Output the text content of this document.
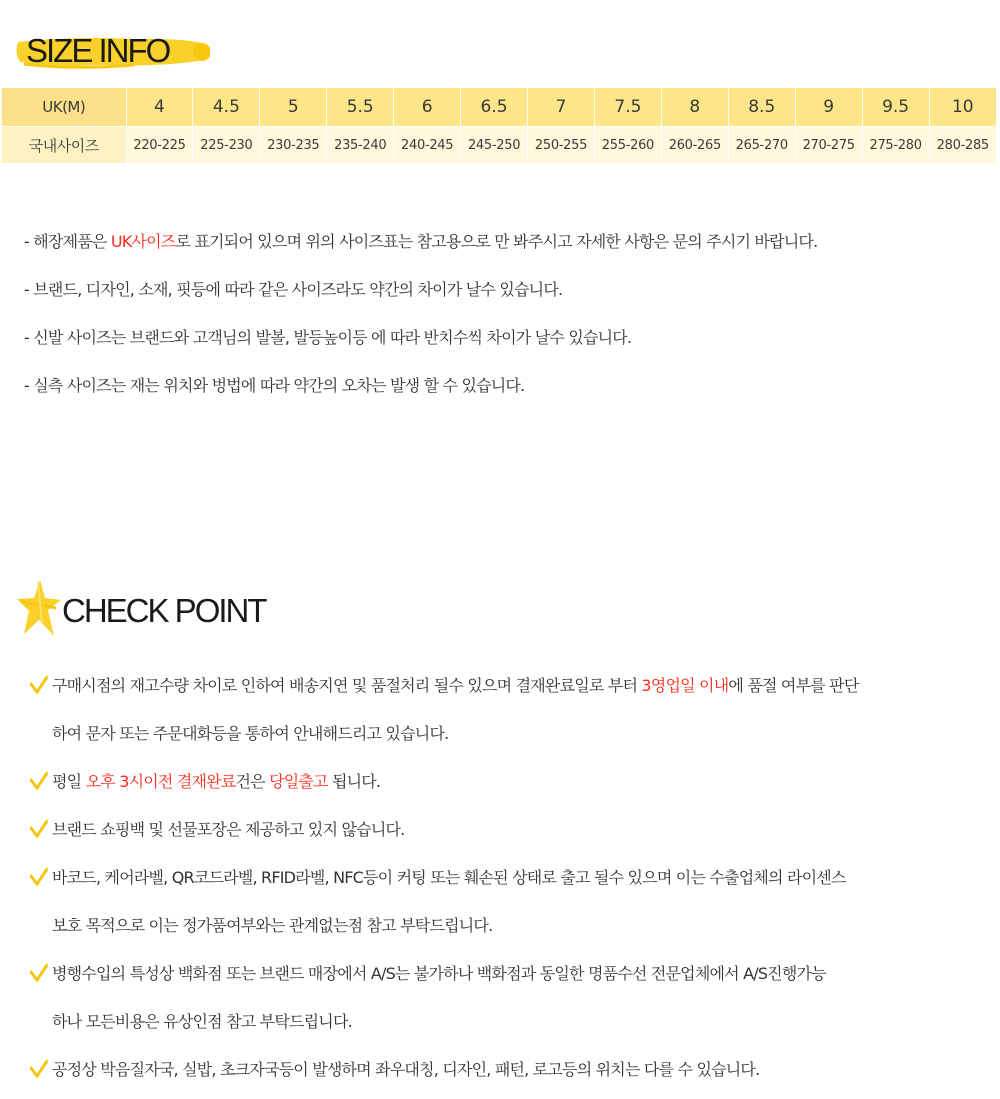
SIZE INFO
UK(M)	4	4.5	5	5.5	6	6.5	7	7.5	8	8.5	9	9.5	10
국내사이즈	220-225	225-230	230-235	235-240	240-245	245-250	250-255	255-260	260-265	265-270	270-275	275-280	280-285
- 해장제품은 UK사이즈로 표기되어 있으며 위의 사이즈표는 참고용으로 만 봐주시고 자세한 사항은 문의 주시기 바랍니다.
- 브랜드, 디자인, 소재, 핏등에 따라 같은 사이즈라도 약간의 차이가 날수 있습니다.
- 신발 사이즈는 브랜드와 고객님의 발볼, 발등높이등 에 따라 반치수씩 차이가 날수 있습니다.
- 실측 사이즈는 재는 위치와 벙법에 따라 약간의 오차는 발생 할 수 있습니다.
CHECK POINT
구매시점의 재고수량 차이로 인하여 배송지연 및 품절처리 될수 있으며 결재완료일로 부터 3영업일 이내에 품절 여부를 판단
하여 문자 또는 주문대화등을 통하여 안내해드리고 있습니다.
평일 오후 3시이전 결재완료건은 당일출고 됩니다.
브랜드 쇼핑백 및 선물포장은 제공하고 있지 않습니다.
바코드, 케어라벨, QR코드라벨, RFID라벨, NFC등이 커팅 또는 훼손된 상태로 출고 될수 있으며 이는 수출업체의 라이센스
보호 목적으로 이는 정가품여부와는 관계없는점 참고 부탁드립니다.
병행수입의 특성상 백화점 또는 브랜드 매장에서 A/S는 불가하나 백화점과 동일한 명품수선 전문업체에서 A/S진행가능
하나 모든비용은 유상인점 참고 부탁드립니다.
공정상 박음질자국, 실밥, 초크자국등이 발생하며 좌우대칭, 디자인, 패턴, 로고등의 위치는 다를 수 있습니다.
